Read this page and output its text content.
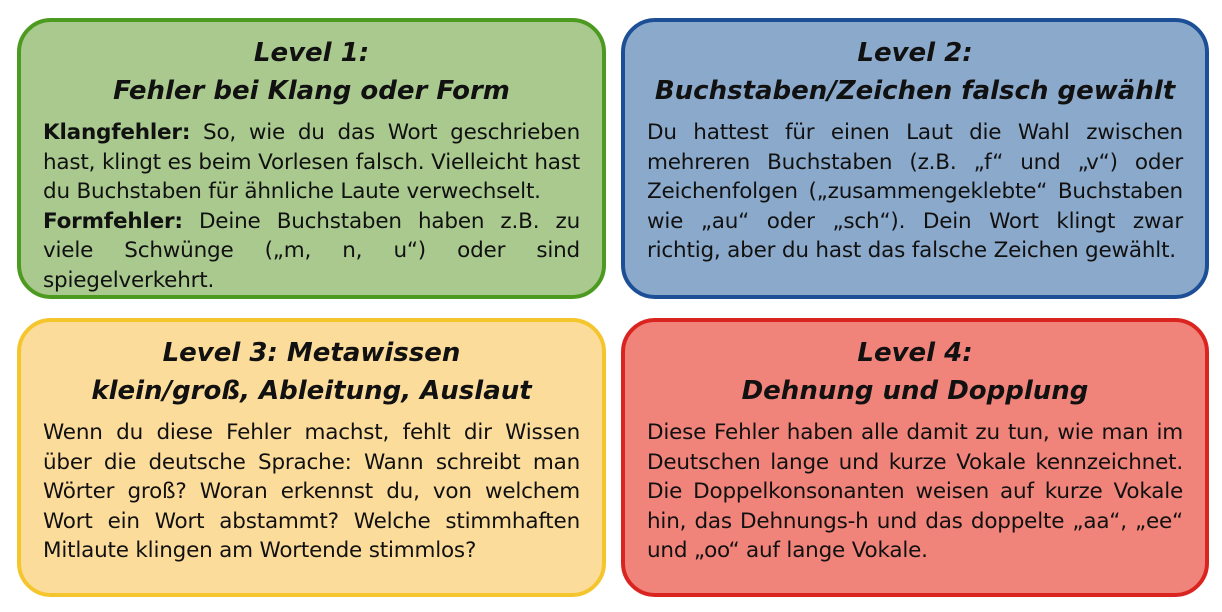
Level 1:
Fehler bei Klang oder Form

Klangfehler: So, wie du das Wort geschrieben hast, klingt es beim Vorlesen falsch. Vielleicht hast du Buchstaben für ähnliche Laute verwechselt.

Formfehler: Deine Buchstaben haben z.B. zu viele Schwünge („m, n, u“) oder sind spiegelverkehrt.

Level 2:
Buchstaben/Zeichen falsch gewählt
Du hattest für einen Laut die Wahl zwischen mehreren Buchstaben (z.B. „f“ und „v“) oder Zeichenfolgen („zusammengeklebte“ Buchstaben wie „au“ oder „sch“). Dein Wort klingt zwar richtig, aber du hast das falsche Zeichen gewählt.
Level 3: Metawissen
klein/groß, Ableitung, Auslaut
Wenn du diese Fehler machst, fehlt dir Wissen über die deutsche Sprache: Wann schreibt man Wörter groß? Woran erkennst du, von welchem Wort ein Wort abstammt? Welche stimmhaften Mitlaute klingen am Wortende stimmlos?
Level 4:
Dehnung und Dopplung
Diese Fehler haben alle damit zu tun, wie man im Deutschen lange und kurze Vokale kennzeichnet. Die Doppelkonsonanten weisen auf kurze Vokale hin, das Dehnungs-h und das doppelte „aa“, „ee“ und „oo“ auf lange Vokale.
